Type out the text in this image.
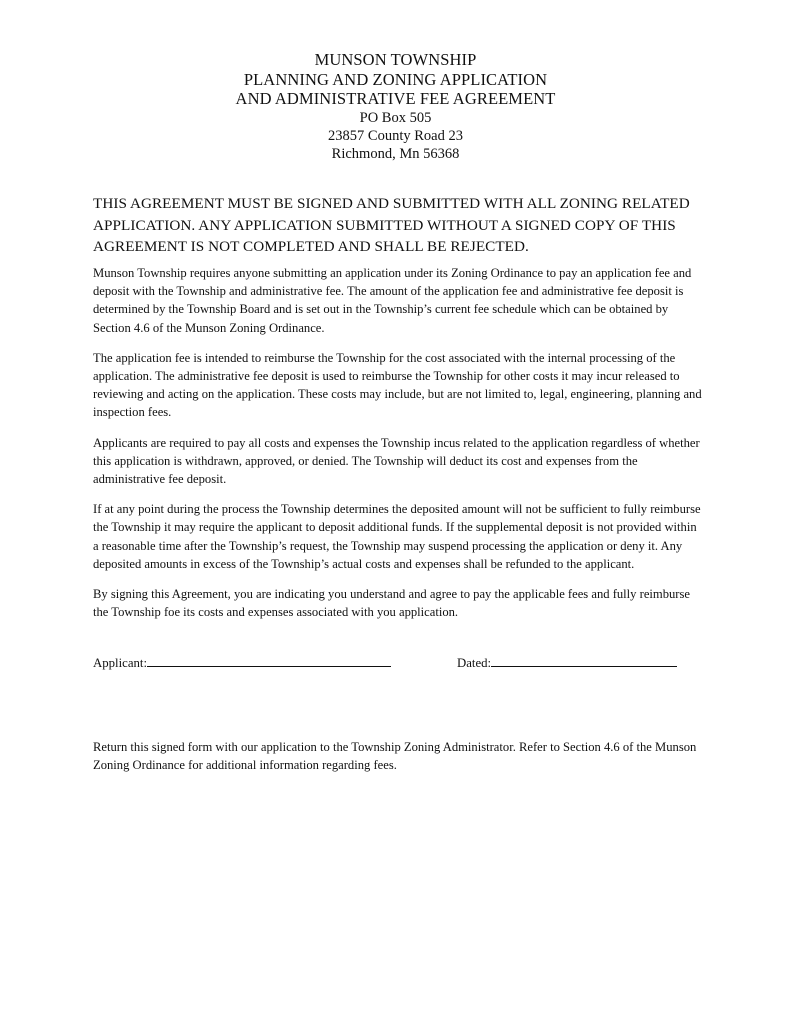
MUNSON TOWNSHIP
PLANNING AND ZONING APPLICATION
AND ADMINISTRATIVE FEE AGREEMENT
PO Box 505
23857 County Road 23
Richmond, Mn 56368
THIS AGREEMENT MUST BE SIGNED AND SUBMITTED WITH ALL ZONING RELATED APPLICATION. ANY APPLICATION SUBMITTED WITHOUT A SIGNED COPY OF THIS AGREEMENT IS NOT COMPLETED AND SHALL BE REJECTED.

Munson Township requires anyone submitting an application under its Zoning Ordinance to pay an application fee and deposit with the Township and administrative fee. The amount of the application fee and administrative fee deposit is determined by the Township Board and is set out in the Township’s current fee schedule which can be obtained by Section 4.6 of the Munson Zoning Ordinance.

The application fee is intended to reimburse the Township for the cost associated with the internal processing of the application. The administrative fee deposit is used to reimburse the Township for other costs it may incur released to reviewing and acting on the application. These costs may include, but are not limited to, legal, engineering, planning and inspection fees.

Applicants are required to pay all costs and expenses the Township incus related to the application regardless of whether this application is withdrawn, approved, or denied. The Township will deduct its cost and expenses from the administrative fee deposit.

If at any point during the process the Township determines the deposited amount will not be sufficient to fully reimburse the Township it may require the applicant to deposit additional funds. If the supplemental deposit is not provided within a reasonable time after the Township’s request, the Township may suspend processing the application or deny it. Any deposited amounts in excess of the Township’s actual costs and expenses shall be refunded to the applicant.

By signing this Agreement, you are indicating you understand and agree to pay the applicable fees and fully reimburse the Township foe its costs and expenses associated with you application.

Applicant:	Dated:
Return this signed form with our application to the Township Zoning Administrator. Refer to Section 4.6 of the Munson Zoning Ordinance for additional information regarding fees.
